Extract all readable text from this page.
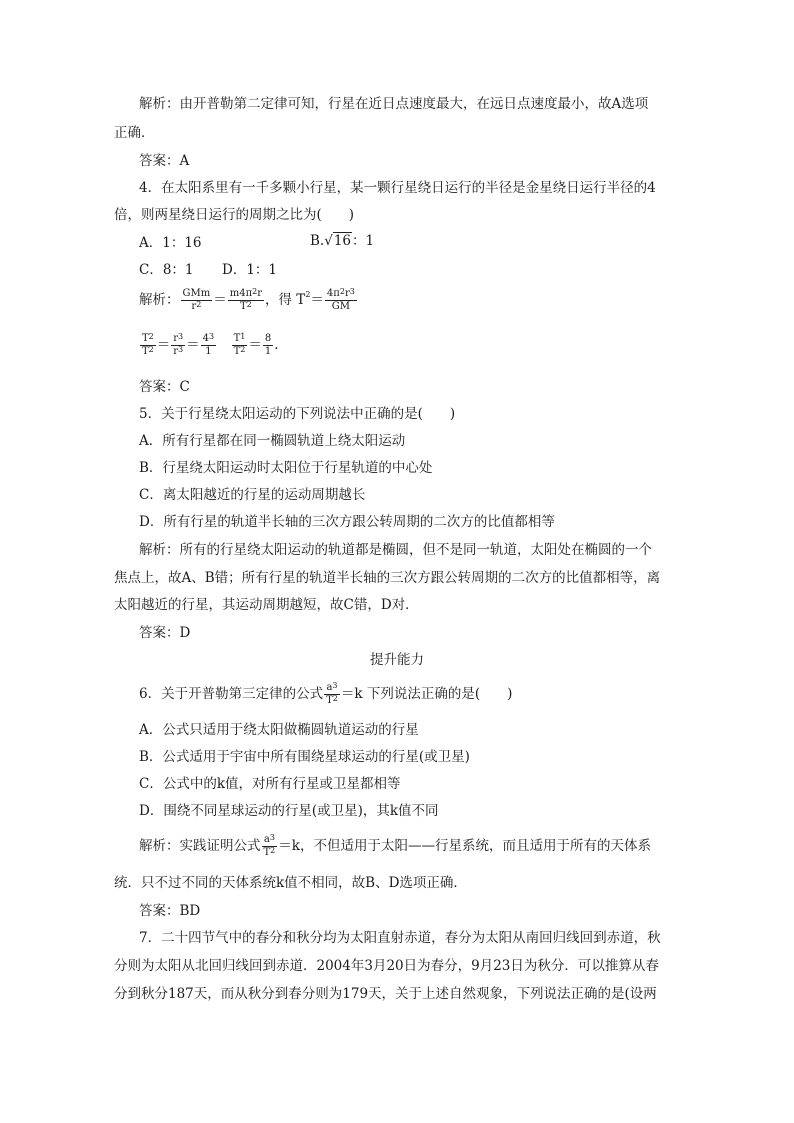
解析：由开普勒第二定律可知，行星在近日点速度最大，在远日点速度最小，故A选项
正确．
答案：A
4．在太阳系里有一千多颗小行星，某一颗行星绕日运行的半径是金星绕日运行半径的4
倍，则两星绕日运行的周期之比为(　　)
A．1：16	B.√16：1
C．8：1 D．1：1
解析： $\frac{\text{GMm}}{r^2} = \frac{m4\pi^2r}{T^2}$ ，得 $T^2= \frac{4\pi^2r^3}{GM}$
$\frac{T^2}{T^2} = \frac{r^3}{r^3} = \frac{4^3}{1}$
　 $\frac{T^1}{T^2} = \frac{8}{1}$ .
答案：C
5．关于行星绕太阳运动的下列说法中正确的是(　　)
A．所有行星都在同一椭圆轨道上绕太阳运动
B．行星绕太阳运动时太阳位于行星轨道的中心处
C．离太阳越近的行星的运动周期越长
D．所有行星的轨道半长轴的三次方跟公转周期的二次方的比值都相等
解析：所有的行星绕太阳运动的轨道都是椭圆，但不是同一轨道，太阳处在椭圆的一个
焦点上，故A、B错；所有行星的轨道半长轴的三次方跟公转周期的二次方的比值都相等，离
太阳越近的行星，其运动周期越短，故C错，D对．
答案：D
提升能力
6．关于开普勒第三定律的公式 $\frac{a^3}{T^2} =k$ 下列说法正确的是(　　)
A．公式只适用于绕太阳做椭圆轨道运动的行星
B．公式适用于宇宙中所有围绕星球运动的行星(或卫星)
C．公式中的k值，对所有行星或卫星都相等
D．围绕不同星球运动的行星(或卫星)，其k值不同
解析：实践证明公式 $\frac{a^3}{T^2} =k$，不但适用于太阳——行星系统，而且适用于所有的天体系
统．只不过不同的天体系统k值不相同，故B、D选项正确．
答案：BD
7．二十四节气中的春分和秋分均为太阳直射赤道，春分为太阳从南回归线回到赤道，秋
分则为太阳从北回归线回到赤道．2004年3月20日为春分，9月23日为秋分．可以推算从春
分到秋分187天，而从秋分到春分则为179天，关于上述自然观象，下列说法正确的是(设两
